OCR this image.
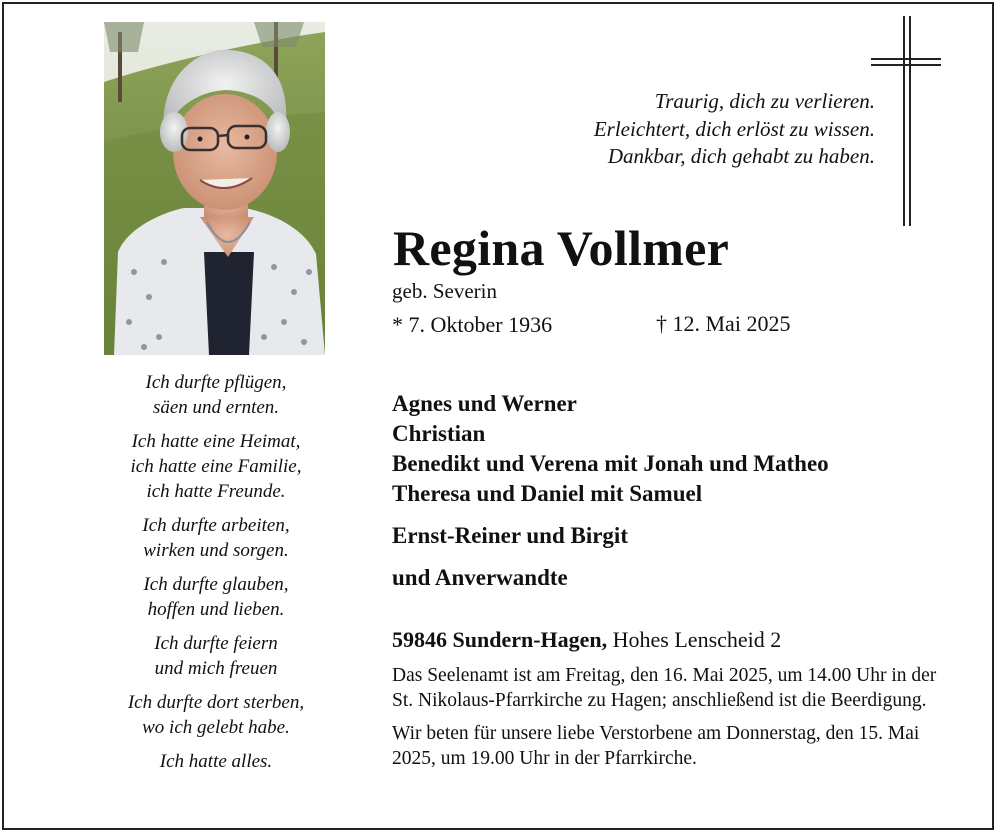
Ich durfte pflügen,
säen und ernten.
Ich hatte eine Heimat,
ich hatte eine Familie,
ich hatte Freunde.
Ich durfte arbeiten,
wirken und sorgen.
Ich durfte glauben,
hoffen und lieben.
Ich durfte feiern
und mich freuen
Ich durfte dort sterben,
wo ich gelebt habe.
Ich hatte alles.
Traurig, dich zu verlieren.
Erleichtert, dich erlöst zu wissen.
Dankbar, dich gehabt zu haben.
Regina Vollmer
geb. Severin
* 7. Oktober 1936	† 12. Mai 2025
Agnes und Werner
Christian
Benedikt und Verena mit Jonah und Matheo
Theresa und Daniel mit Samuel
Ernst-Reiner und Birgit
und Anverwandte
59846 Sundern-Hagen, Hohes Lenscheid 2

Das Seelenamt ist am Freitag, den 16. Mai 2025, um 14.00 Uhr in der St. Nikolaus-Pfarrkirche zu Hagen; anschließend ist die Beerdigung.

Wir beten für unsere liebe Verstorbene am Donnerstag, den 15. Mai 2025, um 19.00 Uhr in der Pfarrkirche.
